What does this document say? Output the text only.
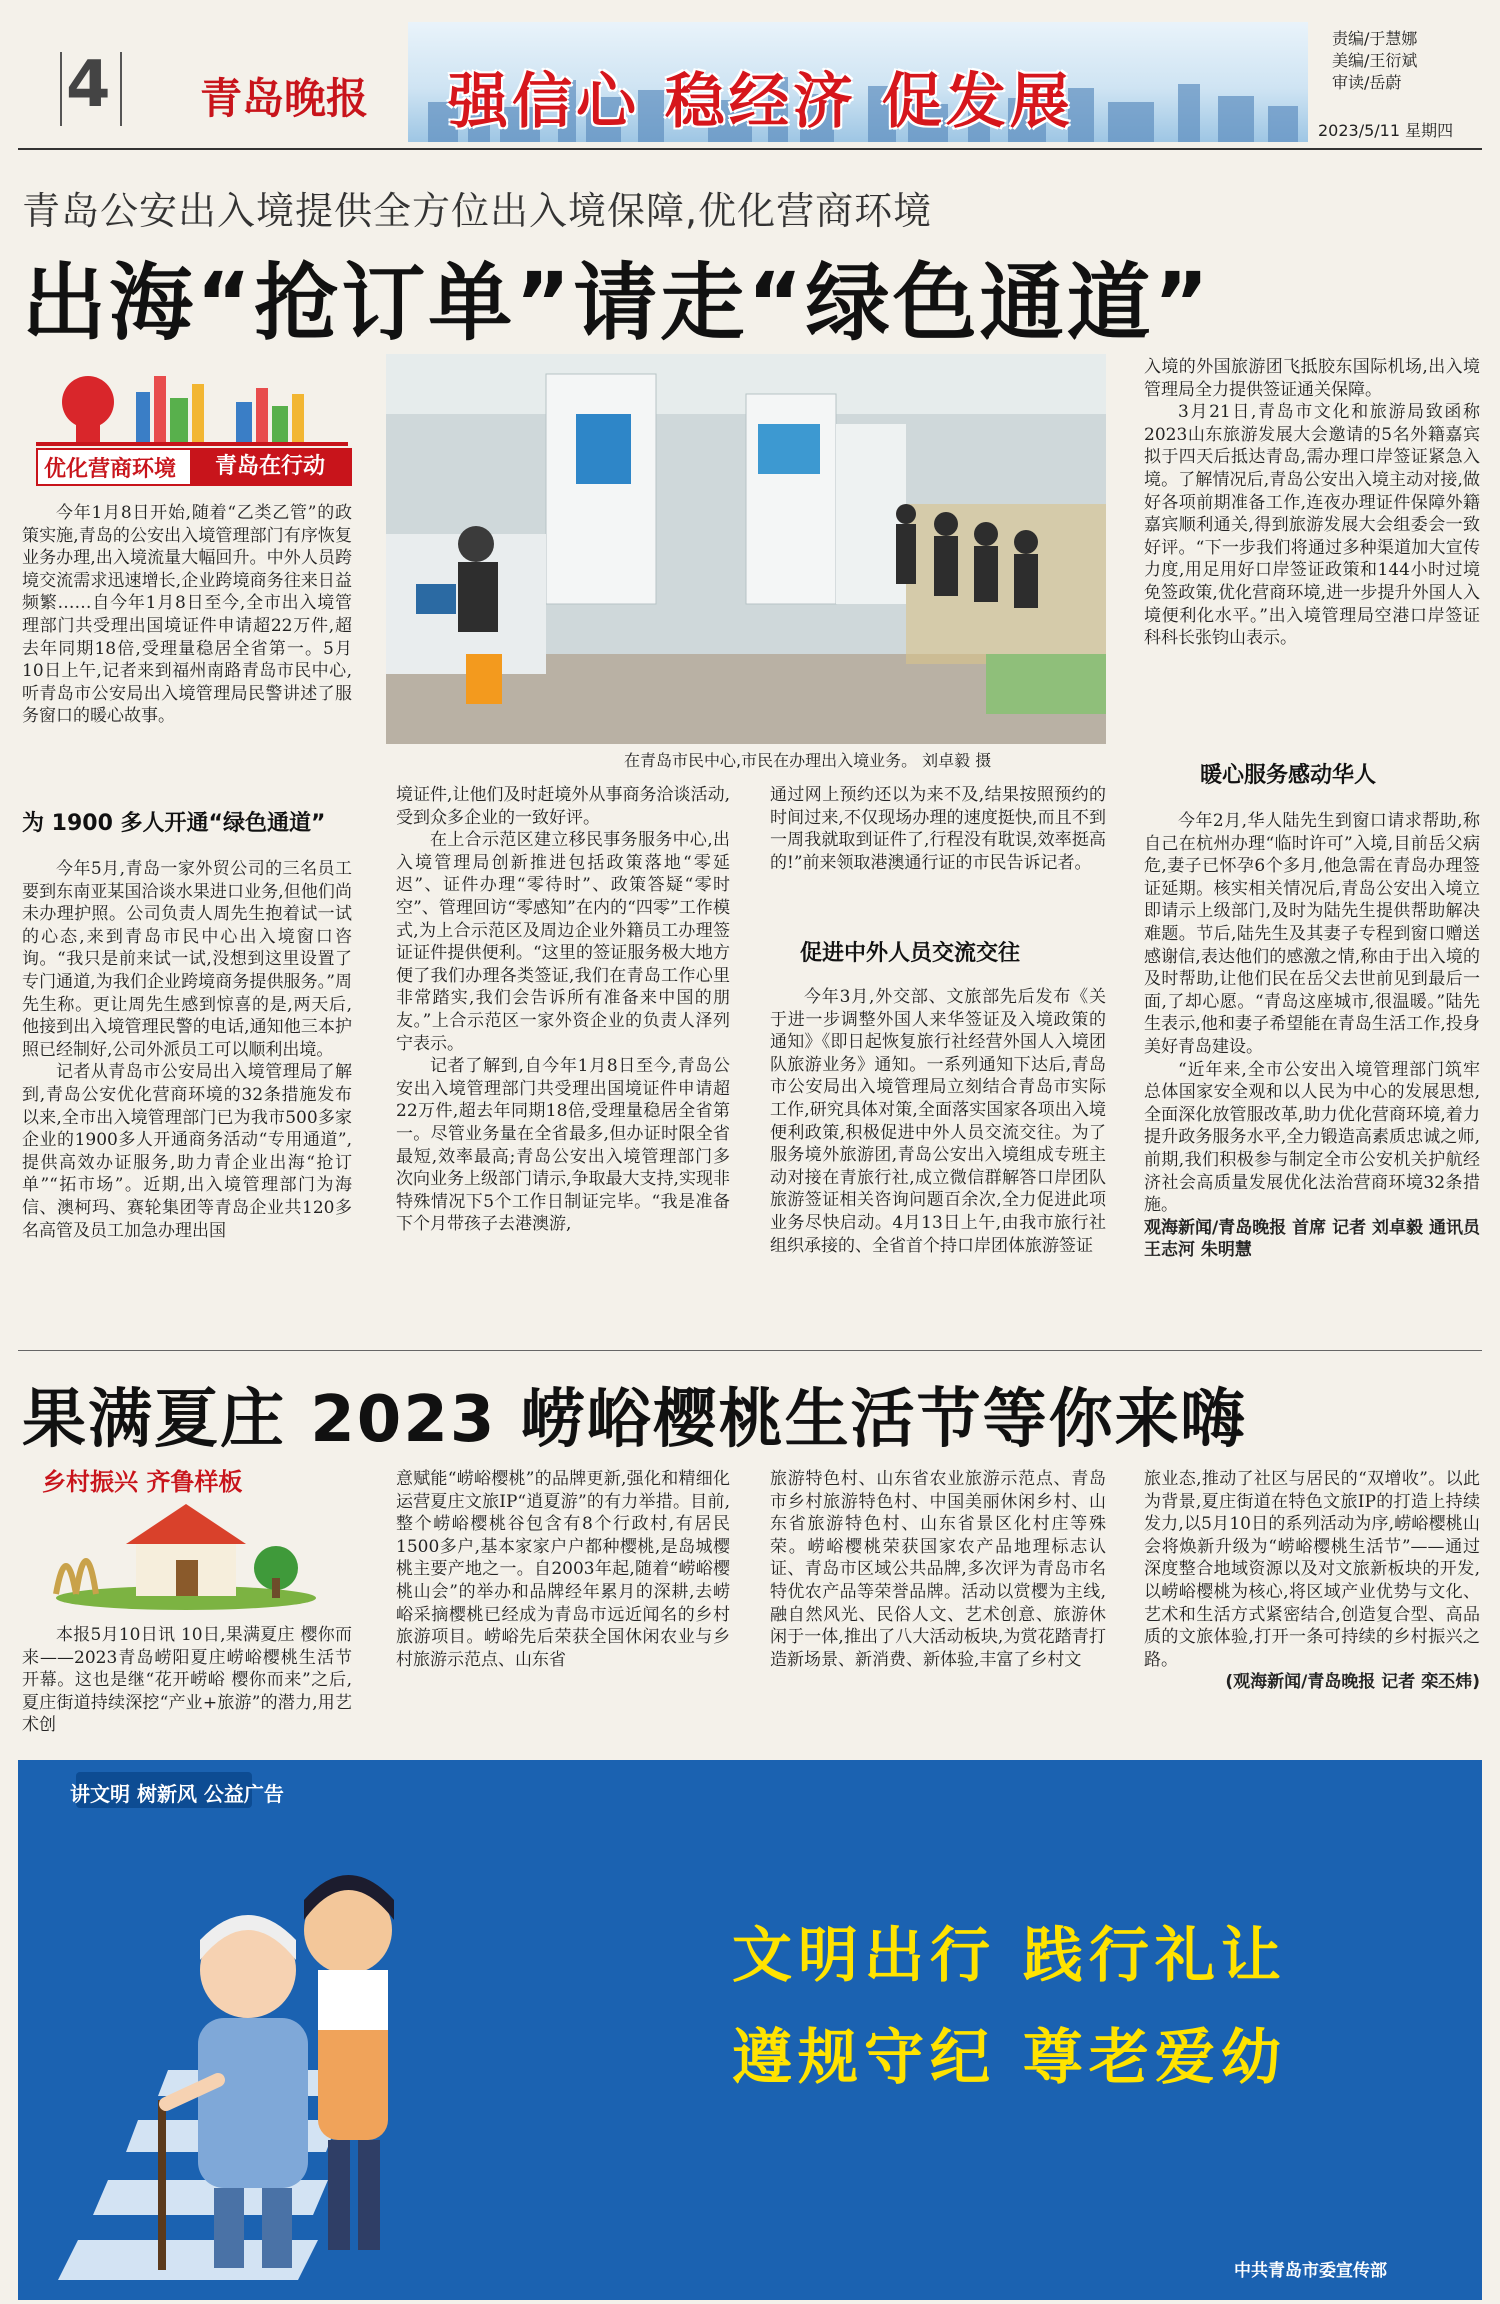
4 青岛晚报 强信心 稳经济 促发展
责编/于慧娜
美编/王衍斌
审读/岳蔚
2023/5/11 星期四
青岛公安出入境提供全方位出入境保障,优化营商环境
出海“抢订单”请走“绿色通道”
优化营商环境	青岛在行动

今年1月8日开始,随着“乙类乙管”的政策实施,青岛的公安出入境管理部门有序恢复业务办理,出入境流量大幅回升。中外人员跨境交流需求迅速增长,企业跨境商务往来日益频繁……自今年1月8日至今,全市出入境管理部门共受理出国境证件申请超22万件,超去年同期18倍,受理量稳居全省第一。5月10日上午,记者来到福州南路青岛市民中心,听青岛市公安局出入境管理局民警讲述了服务窗口的暖心故事。

为 1900 多人开通“绿色通道”

今年5月,青岛一家外贸公司的三名员工要到东南亚某国洽谈水果进口业务,但他们尚未办理护照。公司负责人周先生抱着试一试的心态,来到青岛市民中心出入境窗口咨询。“我只是前来试一试,没想到这里设置了专门通道,为我们企业跨境商务提供服务。”周先生称。更让周先生感到惊喜的是,两天后,他接到出入境管理民警的电话,通知他三本护照已经制好,公司外派员工可以顺利出境。

记者从青岛市公安局出入境管理局了解到,青岛公安优化营商环境的32条措施发布以来,全市出入境管理部门已为我市500多家企业的1900多人开通商务活动“专用通道”,提供高效办证服务,助力青企业出海“抢订单”“拓市场”。近期,出入境管理部门为海信、澳柯玛、赛轮集团等青岛企业共120多名高管及员工加急办理出国

在青岛市民中心,市民在办理出入境业务。 刘卓毅 摄

境证件,让他们及时赶境外从事商务洽谈活动,受到众多企业的一致好评。

在上合示范区建立移民事务服务中心,出入境管理局创新推进包括政策落地“零延迟”、证件办理“零待时”、政策答疑“零时空”、管理回访“零感知”在内的“四零”工作模式,为上合示范区及周边企业外籍员工办理签证证件提供便利。“这里的签证服务极大地方便了我们办理各类签证,我们在青岛工作心里非常踏实,我们会告诉所有准备来中国的朋友。”上合示范区一家外资企业的负责人泽列宁表示。

记者了解到,自今年1月8日至今,青岛公安出入境管理部门共受理出国境证件申请超22万件,超去年同期18倍,受理量稳居全省第一。尽管业务量在全省最多,但办证时限全省最短,效率最高;青岛公安出入境管理部门多次向业务上级部门请示,争取最大支持,实现非特殊情况下5个工作日制证完毕。“我是准备下个月带孩子去港澳游,

通过网上预约还以为来不及,结果按照预约的时间过来,不仅现场办理的速度挺快,而且不到一周我就取到证件了,行程没有耽误,效率挺高的!”前来领取港澳通行证的市民告诉记者。

促进中外人员交流交往

今年3月,外交部、文旅部先后发布《关于进一步调整外国人来华签证及入境政策的通知》《即日起恢复旅行社经营外国人入境团队旅游业务》通知。一系列通知下达后,青岛市公安局出入境管理局立刻结合青岛市实际工作,研究具体对策,全面落实国家各项出入境便利政策,积极促进中外人员交流交往。为了服务境外旅游团,青岛公安出入境组成专班主动对接在青旅行社,成立微信群解答口岸团队旅游签证相关咨询问题百余次,全力促进此项业务尽快启动。4月13日上午,由我市旅行社组织承接的、全省首个持口岸团体旅游签证

入境的外国旅游团飞抵胶东国际机场,出入境管理局全力提供签证通关保障。

3月21日,青岛市文化和旅游局致函称2023山东旅游发展大会邀请的5名外籍嘉宾拟于四天后抵达青岛,需办理口岸签证紧急入境。了解情况后,青岛公安出入境主动对接,做好各项前期准备工作,连夜办理证件保障外籍嘉宾顺利通关,得到旅游发展大会组委会一致好评。“下一步我们将通过多种渠道加大宣传力度,用足用好口岸签证政策和144小时过境免签政策,优化营商环境,进一步提升外国人入境便利化水平。”出入境管理局空港口岸签证科科长张钧山表示。

暖心服务感动华人

今年2月,华人陆先生到窗口请求帮助,称自己在杭州办理“临时许可”入境,目前岳父病危,妻子已怀孕6个多月,他急需在青岛办理签证延期。核实相关情况后,青岛公安出入境立即请示上级部门,及时为陆先生提供帮助解决难题。节后,陆先生及其妻子专程到窗口赠送感谢信,表达他们的感激之情,称由于出入境的及时帮助,让他们民在岳父去世前见到最后一面,了却心愿。“青岛这座城市,很温暖。”陆先生表示,他和妻子希望能在青岛生活工作,投身美好青岛建设。

“近年来,全市公安出入境管理部门筑牢总体国家安全观和以人民为中心的发展思想,全面深化放管服改革,助力优化营商环境,着力提升政务服务水平,全力锻造高素质忠诚之师,前期,我们积极参与制定全市公安机关护航经济社会高质量发展优化法治营商环境32条措施。

观海新闻/青岛晚报 首席 记者 刘卓毅 通讯员 王志河 朱明慧

果满夏庄 2023 崂峪樱桃生活节等你来嗨
乡村振兴 齐鲁样板

本报5月10日讯 10日,果满夏庄 樱你而来——2023青岛崂阳夏庄崂峪樱桃生活节开幕。这也是继“花开崂峪 樱你而来”之后,夏庄街道持续深挖“产业+旅游”的潜力,用艺术创

意赋能“崂峪樱桃”的品牌更新,强化和精细化运营夏庄文旅IP“逍夏游”的有力举措。目前,整个崂峪樱桃谷包含有8个行政村,有居民1500多户,基本家家户户都种樱桃,是岛城樱桃主要产地之一。自2003年起,随着“崂峪樱桃山会”的举办和品牌经年累月的深耕,去崂峪采摘樱桃已经成为青岛市远近闻名的乡村旅游项目。崂峪先后荣获全国休闲农业与乡村旅游示范点、山东省

旅游特色村、山东省农业旅游示范点、青岛市乡村旅游特色村、中国美丽休闲乡村、山东省旅游特色村、山东省景区化村庄等殊荣。崂峪樱桃荣获国家农产品地理标志认证、青岛市区域公共品牌,多次评为青岛市名特优农产品等荣誉品牌。活动以赏樱为主线,融自然风光、民俗人文、艺术创意、旅游休闲于一体,推出了八大活动板块,为赏花踏青打造新场景、新消费、新体验,丰富了乡村文

旅业态,推动了社区与居民的“双增收”。以此为背景,夏庄街道在特色文旅IP的打造上持续发力,以5月10日的系列活动为序,崂峪樱桃山会将焕新升级为“崂峪樱桃生活节”——通过深度整合地域资源以及对文旅新板块的开发,以崂峪樱桃为核心,将区域产业优势与文化、艺术和生活方式紧密结合,创造复合型、高品质的文旅体验,打开一条可持续的乡村振兴之路。

(观海新闻/青岛晚报 记者 栾丕炜)

讲文明 树新风 公益广告
文明出行 践行礼让
遵规守纪 尊老爱幼
中共青岛市委宣传部
